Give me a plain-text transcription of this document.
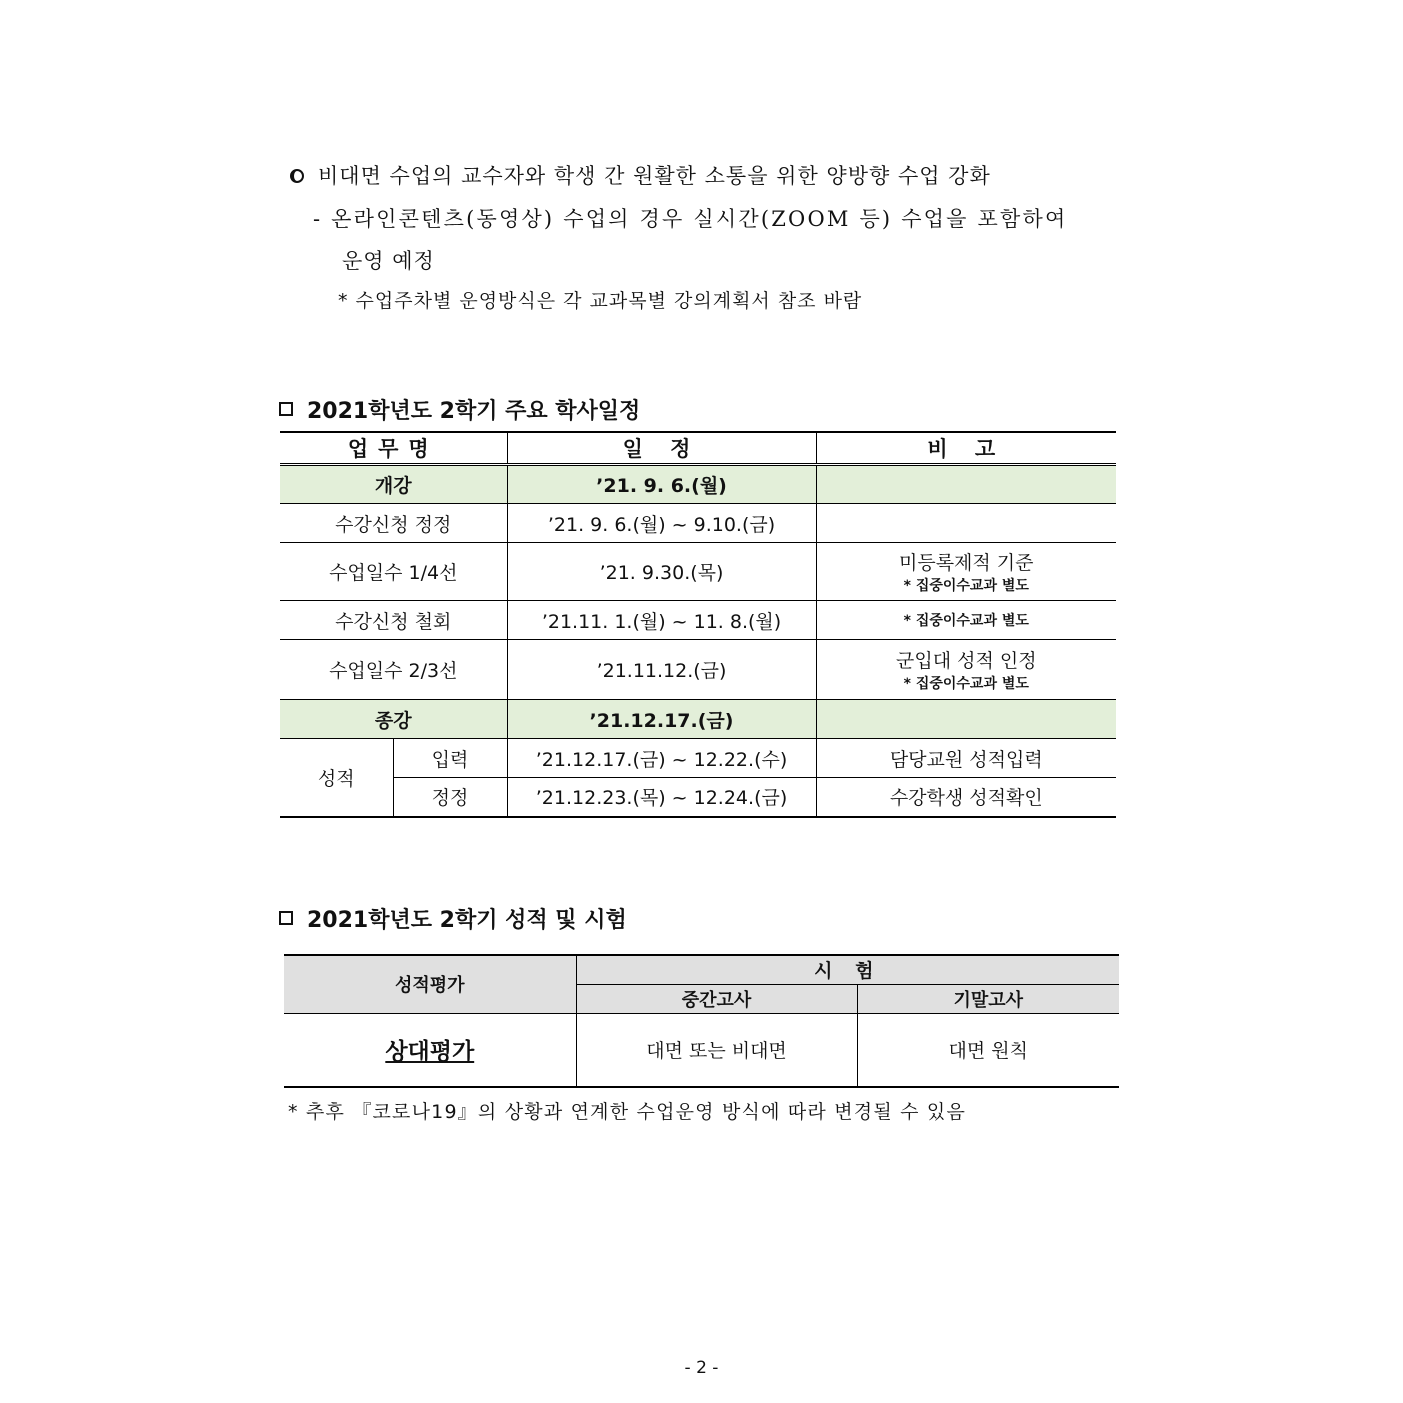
비대면 수업의 교수자와 학생 간 원활한 소통을 위한 양방향 수업 강화
- 온라인콘텐츠(동영상) 수업의 경우 실시간(ZOOM 등) 수업을 포함하여
운영 예정
* 수업주차별 운영방식은 각 교과목별 강의계획서 참조 바람
2021학년도 2학기 주요 학사일정
업무명		일 정	비 고
개강		’21. 9. 6.(월)	
수강신청 정정		’21. 9. 6.(월) ~ 9.10.(금)	
수업일수 1/4선		’21. 9.30.(목)	미등록제적 기준
* 집중이수교과 별도

수강신청 철회		’21.11. 1.(월) ~ 11. 8.(월)	* 집중이수교과 별도

수업일수 2/3선		’21.11.12.(금)	군입대 성적 인정
* 집중이수교과 별도

종강		’21.12.17.(금)	
성적	입력	’21.12.17.(금) ~ 12.22.(수)	담당교원 성적입력
	정정	’21.12.23.(목) ~ 12.24.(금)	수강학생 성적확인
2021학년도 2학기 성적 및 시험
성적평가	시 험	
	중간고사	기말고사
상대평가	대면 또는 비대면	대면 원칙
* 추후 『코로나19』의 상황과 연계한 수업운영 방식에 따라 변경될 수 있음
- 2 -
